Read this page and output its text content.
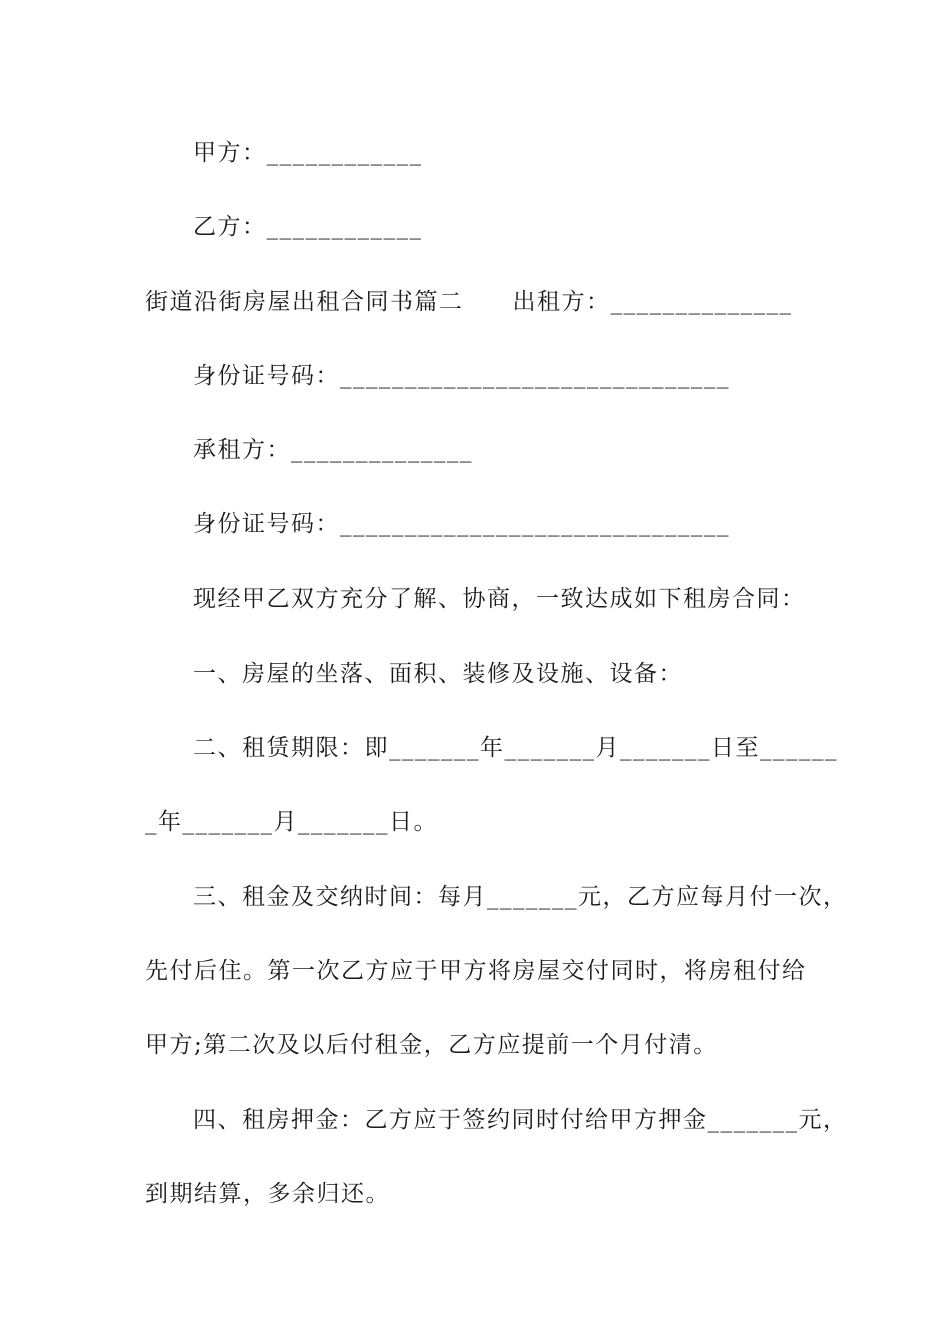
甲方：____________
乙方：____________
街道沿街房屋出租合同书篇二　　出租方：______________
身份证号码：______________________________
承租方：______________
身份证号码：______________________________
现经甲乙双方充分了解、协商，一致达成如下租房合同：
一、房屋的坐落、面积、装修及设施、设备：
二、租赁期限：即_______年_______月_______日至______
_年_______月_______日。
三、租金及交纳时间：每月_______元，乙方应每月付一次，
先付后住。第一次乙方应于甲方将房屋交付同时，将房租付给
甲方;第二次及以后付租金，乙方应提前一个月付清。
四、租房押金：乙方应于签约同时付给甲方押金_______元，
到期结算，多余归还。
